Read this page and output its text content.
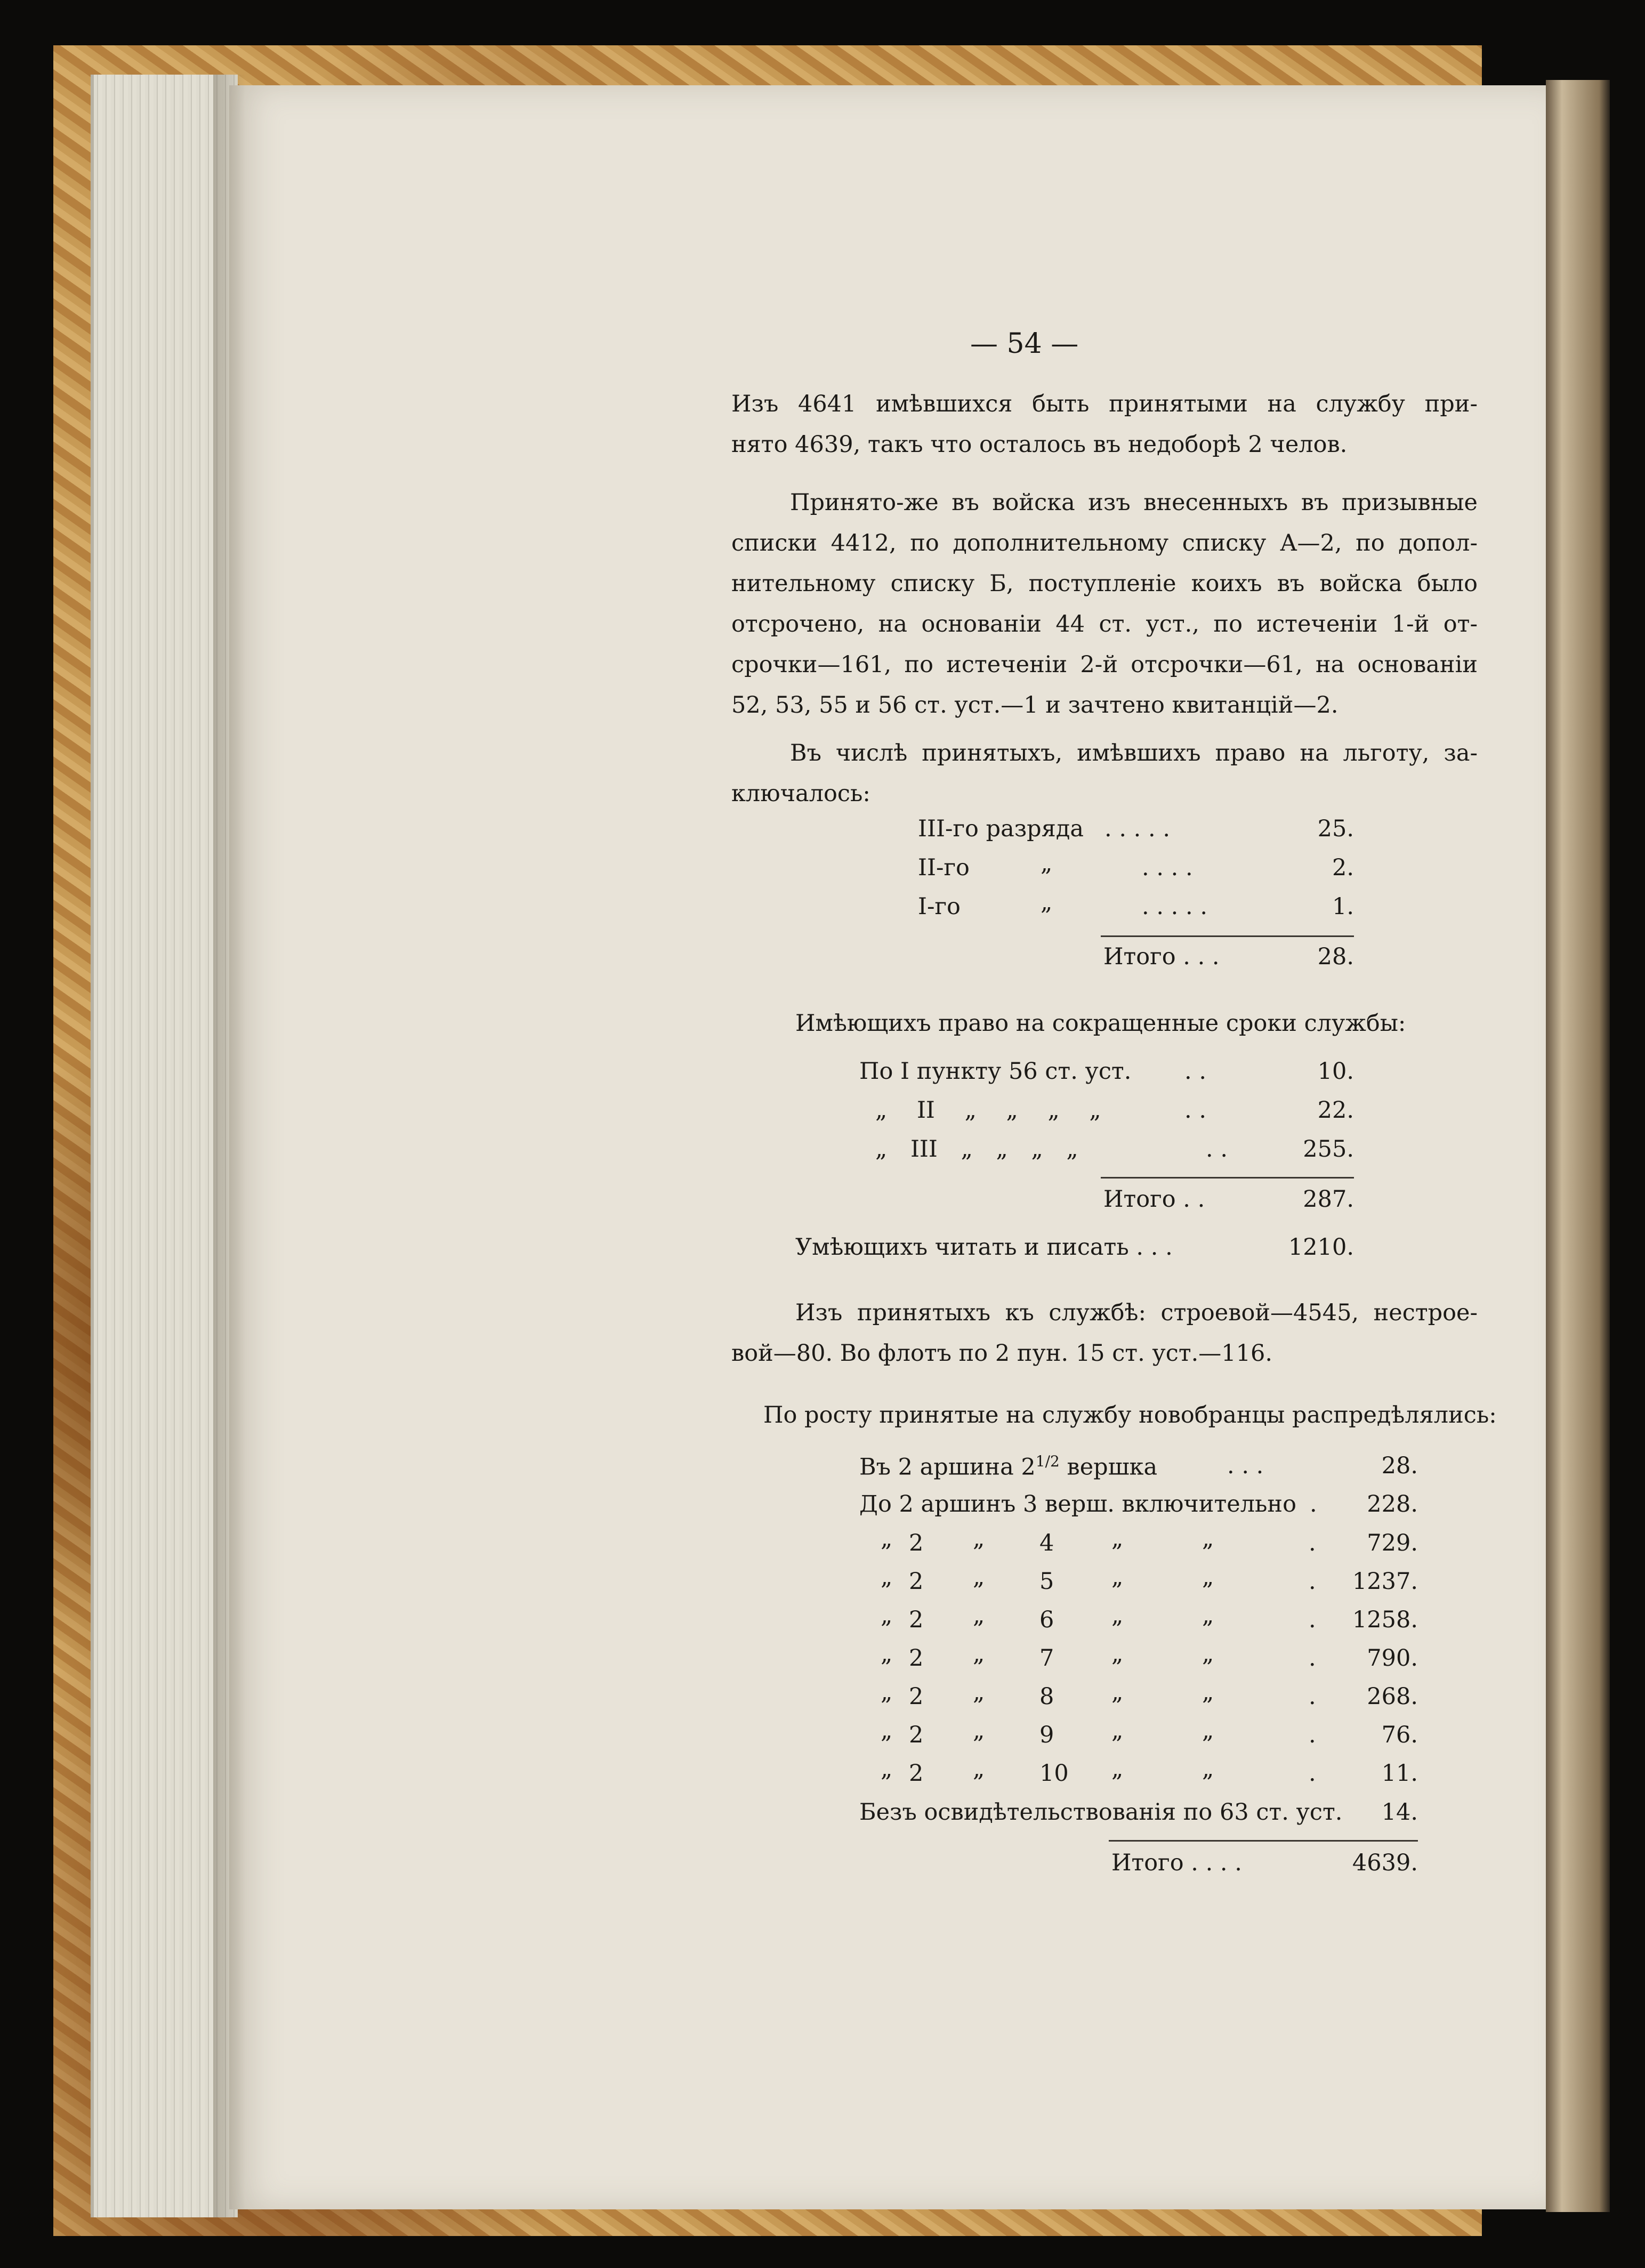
— 54 —
Изъ 4641 имѣвшихся быть принятыми на службу при-
нято 4639, такъ что осталось въ недоборѣ 2 челов.
Принято-же въ войска изъ внесенныхъ въ призывные
списки 4412, по дополнительному списку А—2, по допол-
нительному списку Б, поступленіе коихъ въ войска было
отсрочено, на основаніи 44 ст. уст., по истеченіи 1-й от-
срочки—161, по истеченіи 2-й отсрочки—61, на основаніи
52, 53, 55 и 56 ст. уст.—1 и зачтено квитанцій—2.
Въ числѣ принятыхъ, имѣвшихъ право на льготу, за-
ключалось:
III-го разряда . . . . .	25.
II-го	„	. . . .	2.
I-го	„	. . . . .	1.
Итого . . .	28.
Имѣющихъ право на сокращенные сроки службы:
По I пункту 56 ст. уст. . .	10.
„ II „ „ „ „	. .	22.
„ III „ „ „ „	. .	255.
Итого . .	287.
Умѣющихъ читать и писать . . .	1210.
Изъ принятыхъ къ службѣ: строевой—4545, нестрое-
вой—80. Во флотъ по 2 пун. 15 ст. уст.—116.
По росту принятые на службу новобранцы распредѣлялись:
Въ 2 аршина $2^{1/2}$ вершка	. . .	28.
До 2 аршинъ 3 верш. включительно .	228.
„ 2 „ 4	„	„	.	729.
„ 2 „ 5	„	„	.	1237.
„ 2 „ 6	„	„	.	1258.
„ 2 „ 7	„	„	.	790.
„ 2 „ 8	„	„	.	268.
„ 2 „ 9	„	„	.	76.
„ 2 „ 10 „	„	.	11.
Безъ освидѣтельствованія по 63 ст. уст.	14.
Итого . . . .	4639.
